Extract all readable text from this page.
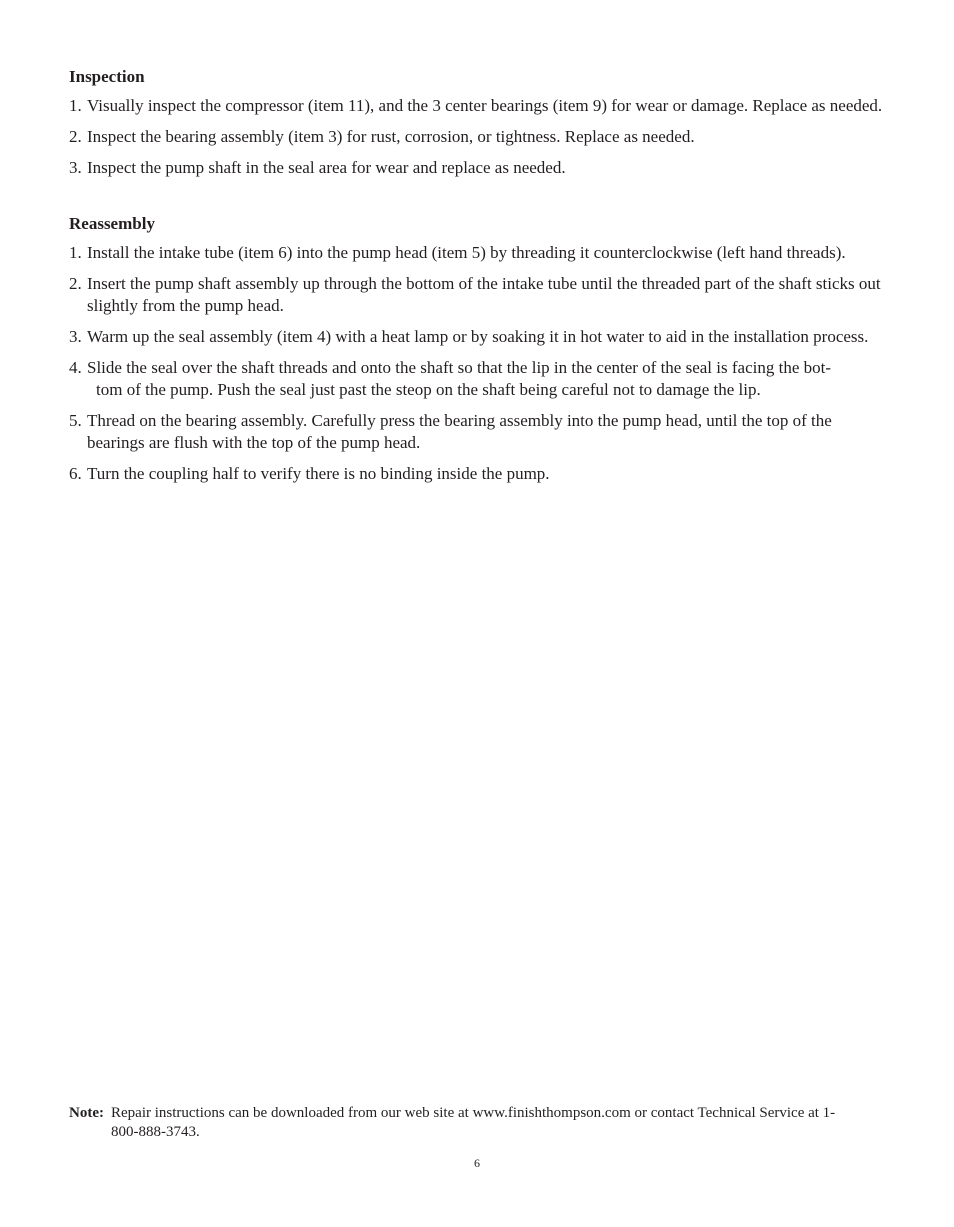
Inspection
1. Visually inspect the compressor (item 11), and the 3 center bearings (item 9) for wear or damage. Replace as needed.
2. Inspect the bearing assembly (item 3) for rust, corrosion, or tightness. Replace as needed.
3. Inspect the pump shaft in the seal area for wear and replace as needed.
Reassembly
1. Install the intake tube (item 6) into the pump head (item 5) by threading it counterclockwise (left hand threads).
2. Insert the pump shaft assembly up through the bottom of the intake tube until the threaded part of the shaft sticks out slightly from the pump head.
3. Warm up the seal assembly (item 4) with a heat lamp or by soaking it in hot water to aid in the installation process.
4. Slide the seal over the shaft threads and onto the shaft so that the lip in the center of the seal is facing the bot-
tom of the pump. Push the seal just past the steop on the shaft being careful not to damage the lip.
5. Thread on the bearing assembly. Carefully press the bearing assembly into the pump head, until the top of the bearings are flush with the top of the pump head.
6. Turn the coupling half to verify there is no binding inside the pump.
Note: Repair instructions can be downloaded from our web site at www.finishthompson.com or contact Technical Service at 1-800-888-3743.
6
